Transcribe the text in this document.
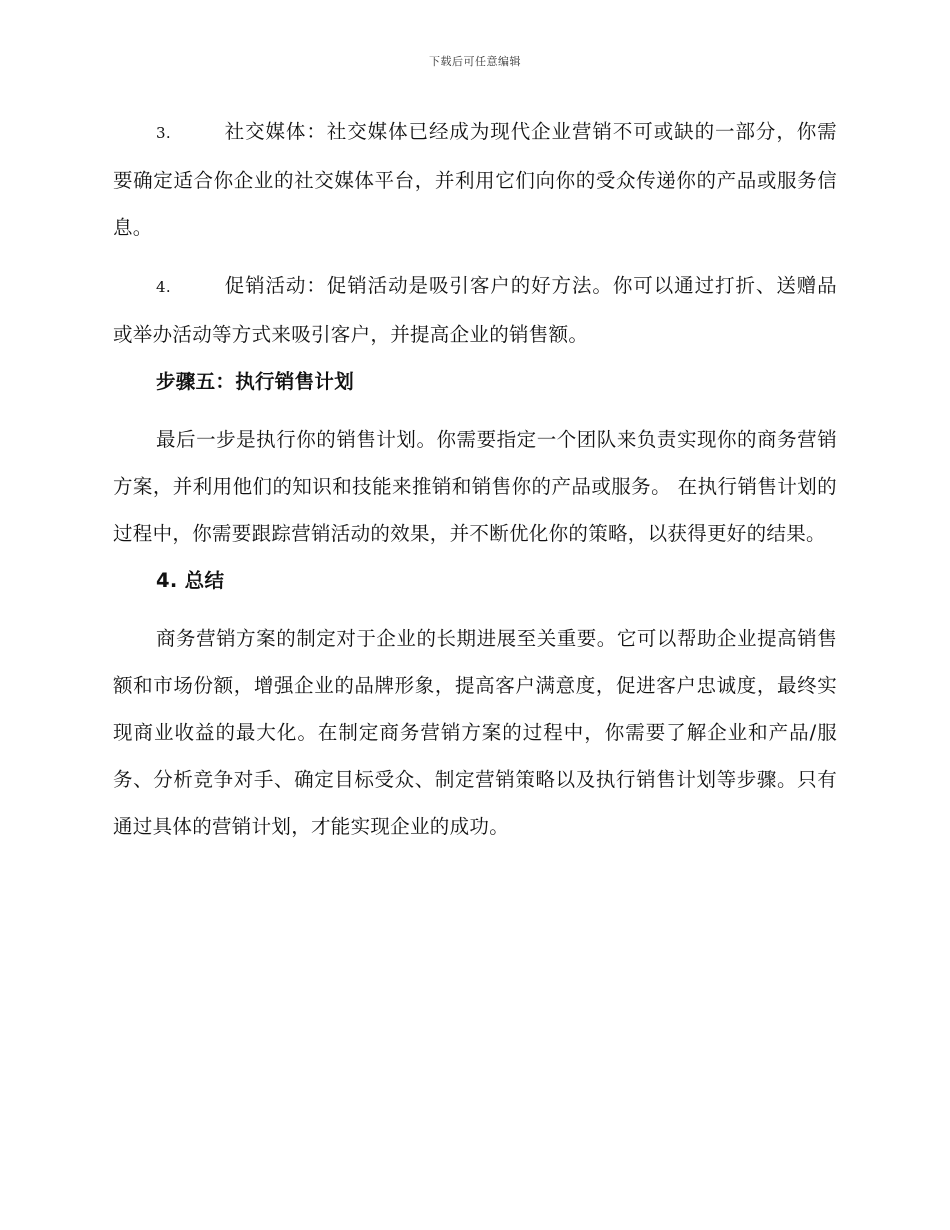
下载后可任意编辑

3.	社交媒体：社交媒体已经成为现代企业营销不可或缺的一部分，你需要确定适合你企业的社交媒体平台，并利用它们向你的受众传递你的产品或服务信息。

4.	促销活动：促销活动是吸引客户的好方法。你可以通过打折、送赠品或举办活动等方式来吸引客户，并提高企业的销售额。

步骤五：执行销售计划

最后一步是执行你的销售计划。你需要指定一个团队来负责实现你的商务营销方案，并利用他们的知识和技能来推销和销售你的产品或服务。 在执行销售计划的过程中，你需要跟踪营销活动的效果，并不断优化你的策略，以获得更好的结果。

4. 总结

商务营销方案的制定对于企业的长期进展至关重要。它可以帮助企业提高销售额和市场份额，增强企业的品牌形象，提高客户满意度，促进客户忠诚度，最终实现商业收益的最大化。在制定商务营销方案的过程中，你需要了解企业和产品/服务、分析竞争对手、确定目标受众、制定营销策略以及执行销售计划等步骤。只有通过具体的营销计划，才能实现企业的成功。
